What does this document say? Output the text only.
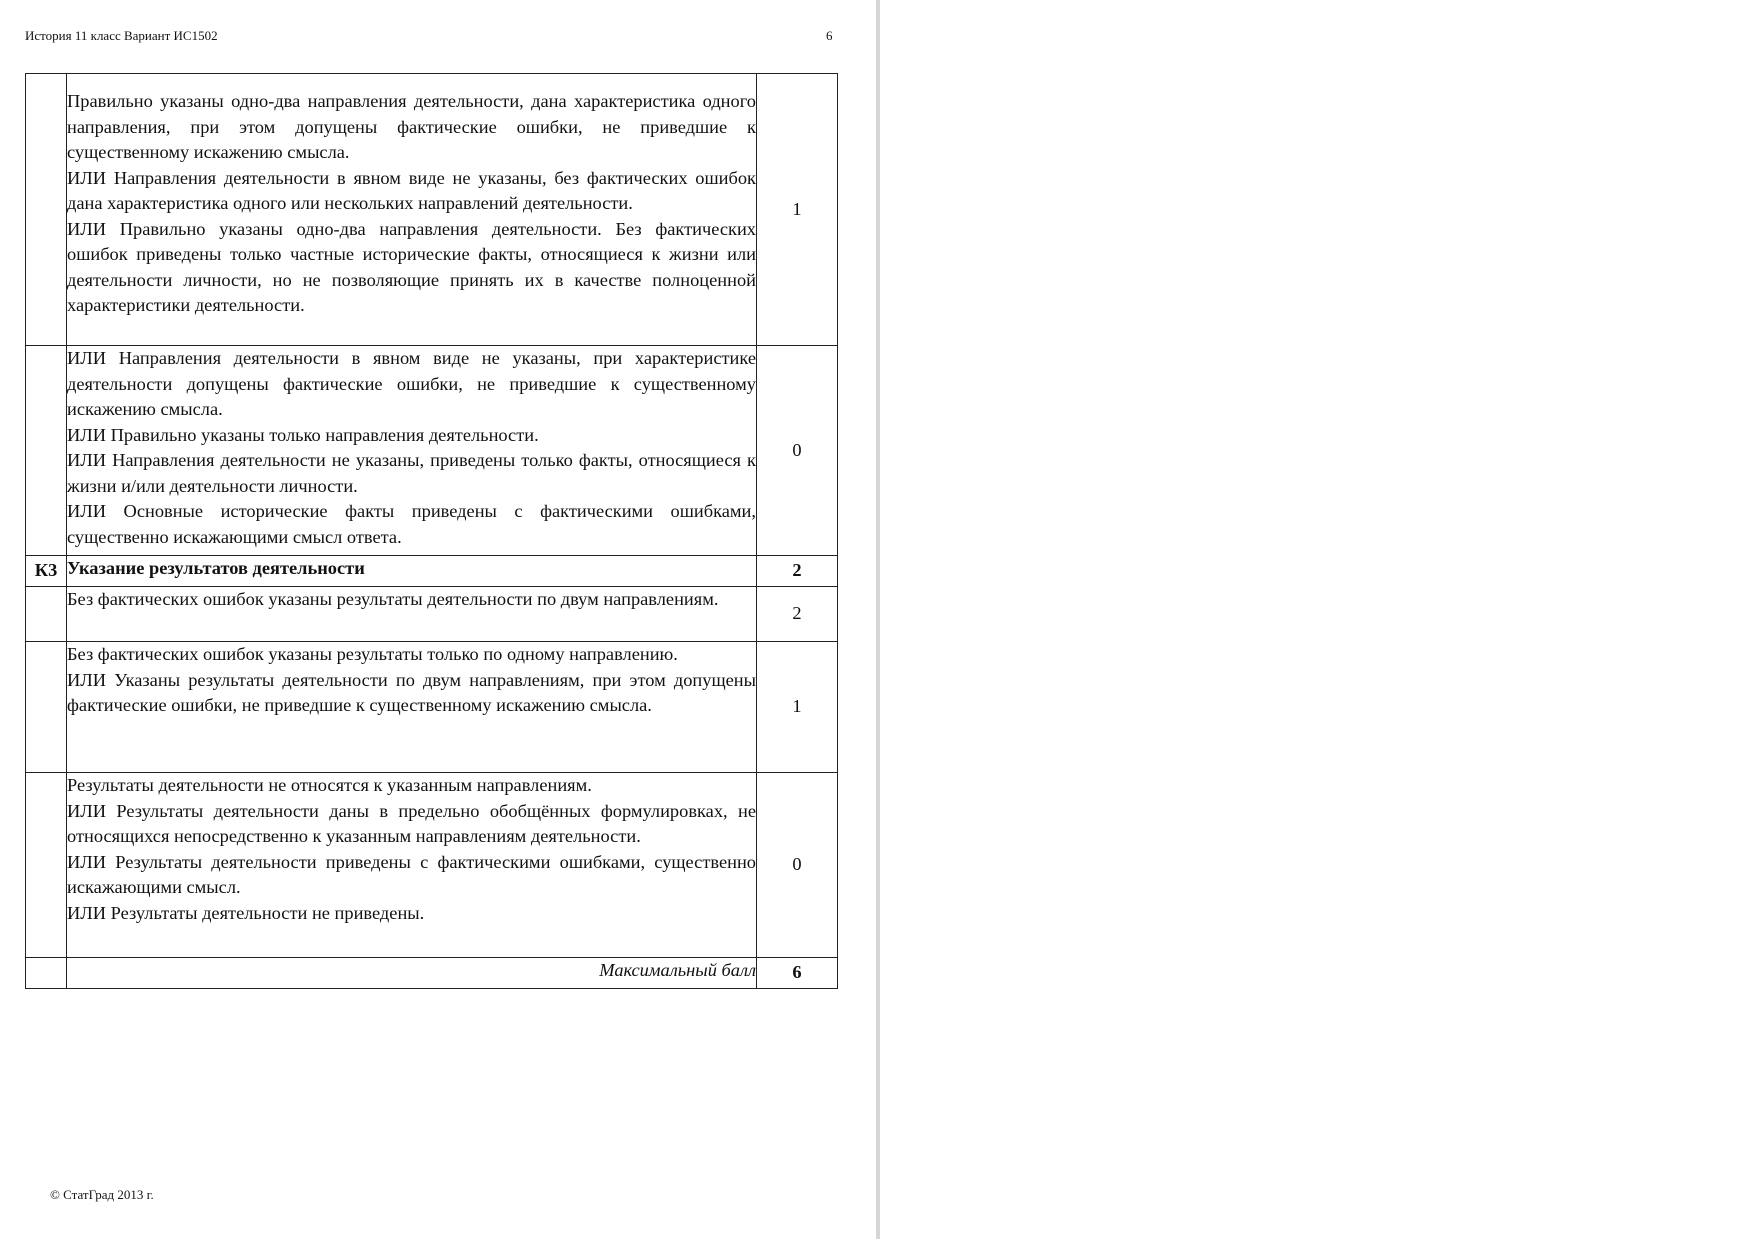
История 11 класс Вариант ИС1502	6

	Правильно указаны одно-два направления деятельности, дана характеристика одного направления, при этом допущены фактические ошибки, не приведшие к существенному искажению смысла.

ИЛИ Направления деятельности в явном виде не указаны, без фактических ошибок дана характеристика одного или нескольких направлений деятельности.

ИЛИ Правильно указаны одно-два направления деятельности. Без фактических ошибок приведены только частные исторические факты, относящиеся к жизни или деятельности личности, но не позволяющие принять их в качестве полноценной характеристики деятельности.	1

	ИЛИ Направления деятельности в явном виде не указаны, при характеристике деятельности допущены фактические ошибки, не приведшие к существенному искажению смысла.

ИЛИ Правильно указаны только направления деятельности.

ИЛИ Направления деятельности не указаны, приведены только факты, относящиеся к жизни и/или деятельности личности.

ИЛИ Основные исторические факты приведены с фактическими ошибками, существенно искажающими смысл ответа.	0
К3	Указание результатов деятельности	2

	Без фактических ошибок указаны результаты деятельности по двум направлениям.	2

	Без фактических ошибок указаны результаты только по одному направлению.

ИЛИ Указаны результаты деятельности по двум направлениям, при этом допущены фактические ошибки, не приведшие к существенному искажению смысла.	1

	Результаты деятельности не относятся к указанным направлениям.

ИЛИ Результаты деятельности даны в предельно обобщённых формулировках, не относящихся непосредственно к указанным направлениям деятельности.

ИЛИ Результаты деятельности приведены с фактическими ошибками, существенно искажающими смысл.

ИЛИ Результаты деятельности не приведены.	0
	Максимальный балл	6
© СтатГрад 2013 г.
